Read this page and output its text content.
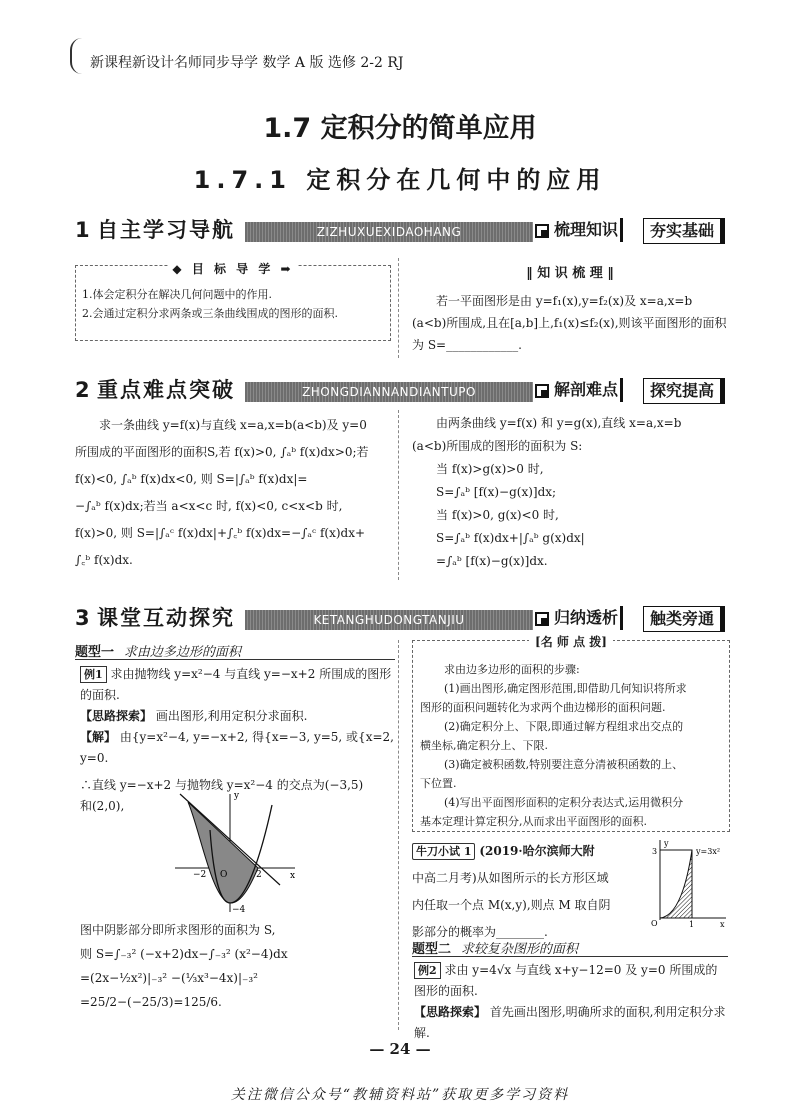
新课程新设计名师同步导学 数学 A 版 选修 2-2 RJ
1.7 定积分的简单应用
1.7.1 定积分在几何中的应用
1 自主学习导航	ZIZHUXUEXIDAOHANG	梳理知识	夯实基础
◆ 目 标 导 学 ➡
1.体会定积分在解决几何问题中的作用.
2.会通过定积分求两条或三条曲线围成的图形的面积.
‖ 知 识 梳 理 ‖
若一平面图形是由 y=f₁(x),y=f₂(x)及 x=a,x=b (a<b)所围成,且在[a,b]上,f₁(x)≤f₂(x),则该平面图形的面积为 S=____________.
2 重点难点突破	ZHONGDIANNANDIANTUPO	解剖难点	探究提高
求一条曲线 y=f(x)与直线 x=a,x=b(a<b)及 y=0
所围成的平面图形的面积S,若 f(x)>0, ∫ₐᵇ f(x)dx>0;若
f(x)<0, ∫ₐᵇ f(x)dx<0, 则 S=|∫ₐᵇ f(x)dx|=
−∫ₐᵇ f(x)dx;若当 a<x<c 时, f(x)<0, c<x<b 时,
f(x)>0, 则 S=|∫ₐᶜ f(x)dx|+∫꜀ᵇ f(x)dx=−∫ₐᶜ f(x)dx+
∫꜀ᵇ f(x)dx.
由两条曲线 y=f(x) 和 y=g(x),直线 x=a,x=b
(a<b)所围成的图形的面积为 S:
当 f(x)>g(x)>0 时,
S=∫ₐᵇ [f(x)−g(x)]dx;
当 f(x)>0, g(x)<0 时,
S=∫ₐᵇ f(x)dx+|∫ₐᵇ g(x)dx|
=∫ₐᵇ [f(x)−g(x)]dx.
3 课堂互动探究	KETANGHUDONGTANJIU	归纳透析	触类旁通
题型一 求由边多边形的面积
例1 求由抛物线 y=x²−4 与直线 y=−x+2 所围成的图形的面积.
【思路探索】 画出图形,利用定积分求面积.
【解】 由{y=x²−4, y=−x+2, 得{x=−3, y=5, 或{x=2, y=0.
∴直线 y=−x+2 与抛物线 y=x²−4 的交点为(−3,5)
和(2,0),
y
x
O
−2	2
−4
图中阴影部分即所求图形的面积为 S,
则 S=∫₋₃² (−x+2)dx−∫₋₃² (x²−4)dx
=(2x−½x²)|₋₃² −(⅓x³−4x)|₋₃²
=25/2−(−25/3)=125/6.
[名 师 点 拨]
求由边多边形的面积的步骤:
(1)画出图形,确定图形范围,即借助几何知识将所求
图形的面积问题转化为求两个曲边梯形的面积问题.
(2)确定积分上、下限,即通过解方程组求出交点的
横坐标,确定积分上、下限.
(3)确定被积函数,特别要注意分清被积函数的上、
下位置.
(4)写出平面图形面积的定积分表达式,运用微积分
基本定理计算定积分,从而求出平面图形的面积.
牛刀小试 1 (2019·哈尔滨师大附
中高二月考)从如图所示的长方形区域
内任取一个点 M(x,y),则点 M 取自阴
影部分的概率为________.
y
y=3x²
3
O	1	x
题型二 求较复杂图形的面积
例2 求由 y=4√x 与直线 x+y−12=0 及 y=0 所围成的图形的面积.
【思路探索】 首先画出图形,明确所求的面积,利用定积分求解.
— 24 —
关注微信公众号“教辅资料站”获取更多学习资料
